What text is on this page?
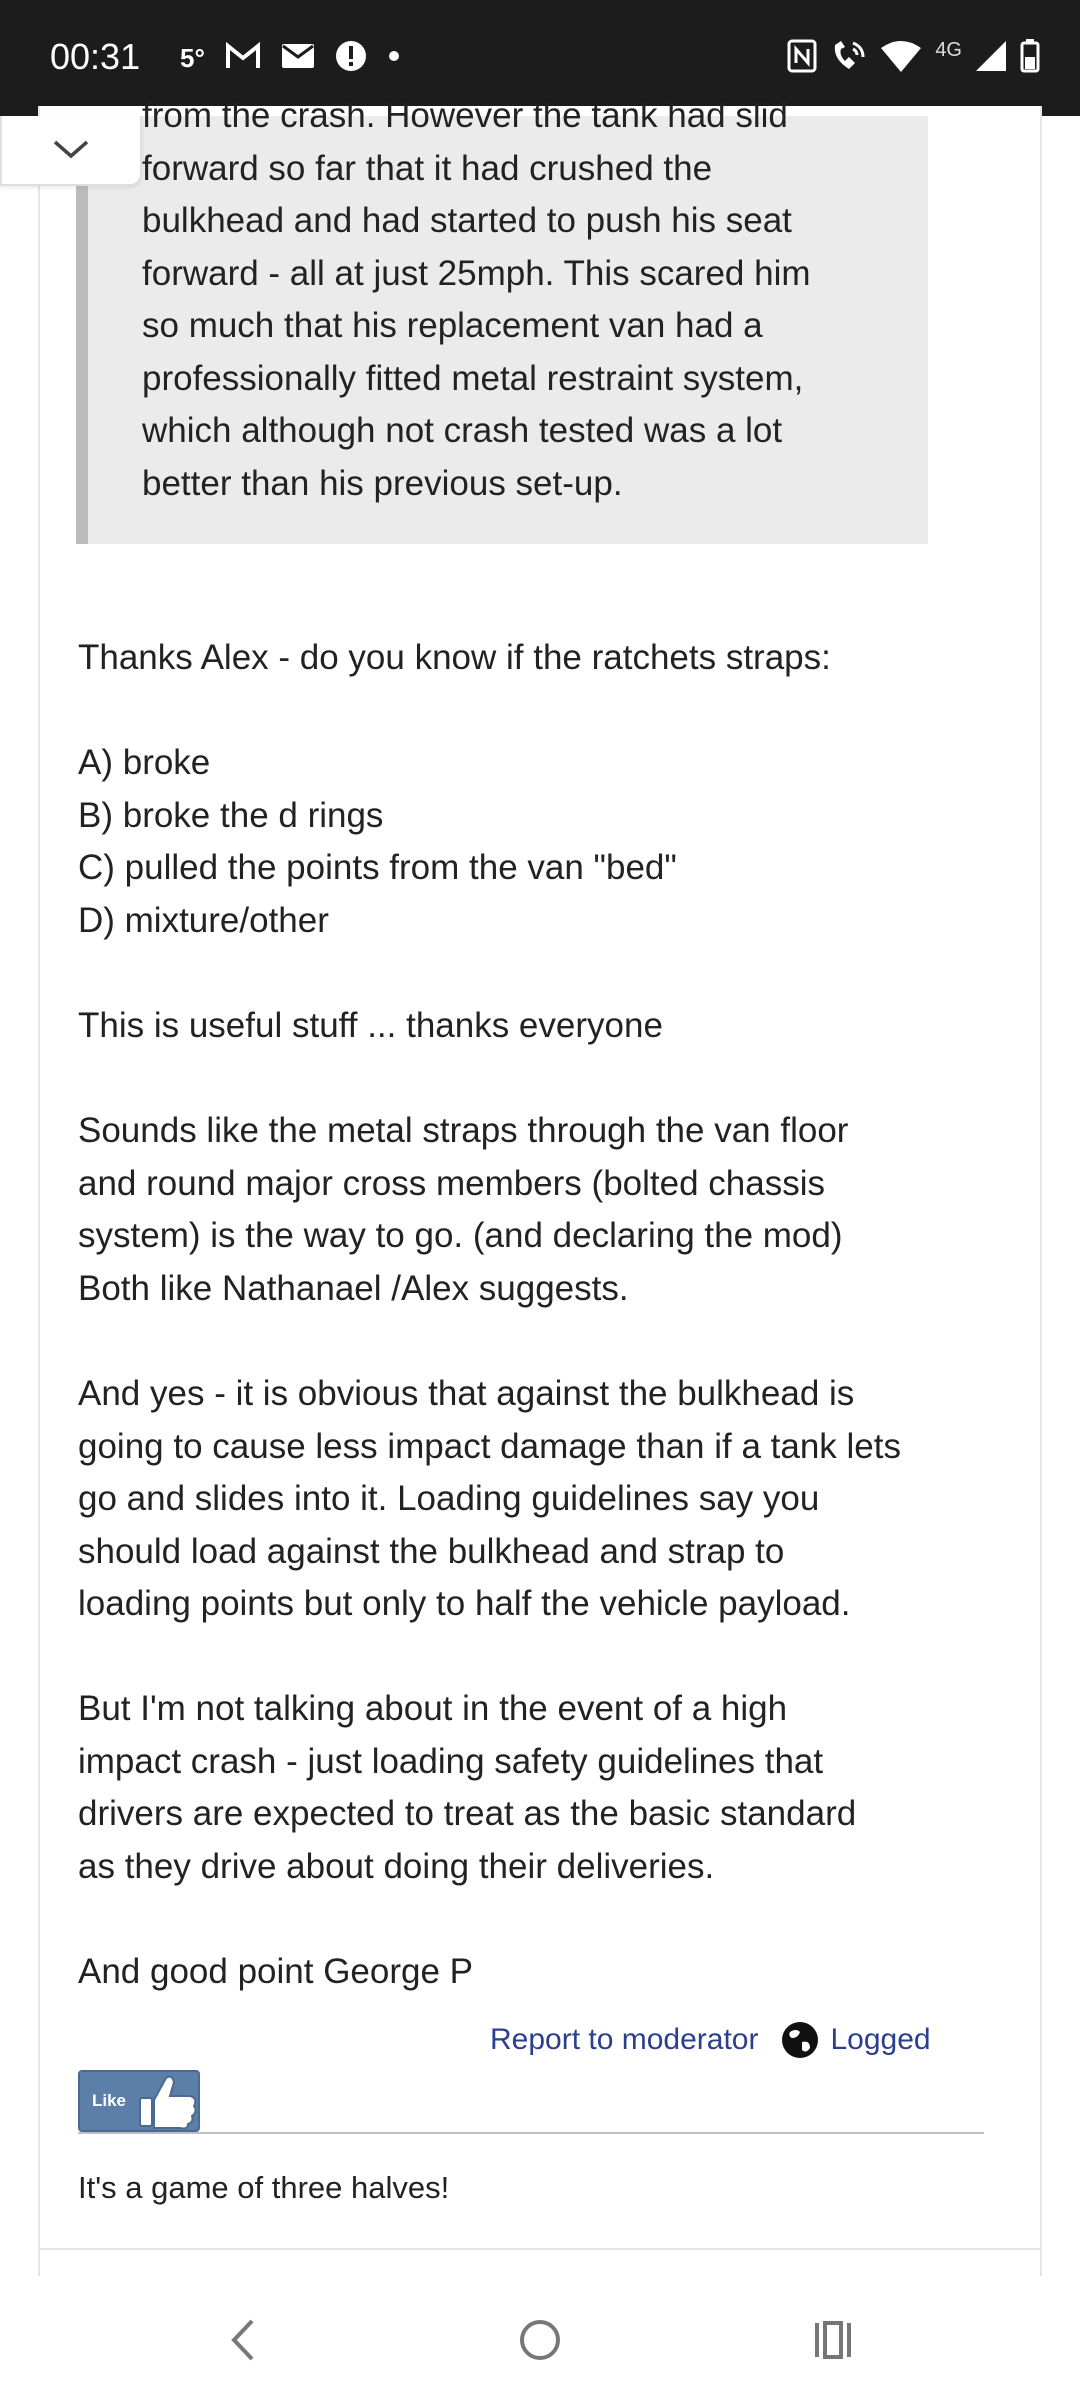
00:31 5°	4G
from the crash. However the tank had slid
forward so far that it had crushed the
bulkhead and had started to push his seat
forward - all at just 25mph. This scared him
so much that his replacement van had a
professionally fitted metal restraint system,
which although not crash tested was a lot
better than his previous set-up.
Thanks Alex - do you know if the ratchets straps:
A) broke
B) broke the d rings
C) pulled the points from the van "bed"
D) mixture/other
This is useful stuff ... thanks everyone
Sounds like the metal straps through the van floor
and round major cross members (bolted chassis
system) is the way to go. (and declaring the mod)
Both like Nathanael /Alex suggests.
And yes - it is obvious that against the bulkhead is
going to cause less impact damage than if a tank lets
go and slides into it. Loading guidelines say you
should load against the bulkhead and strap to
loading points but only to half the vehicle payload.
But I'm not talking about in the event of a high
impact crash - just loading safety guidelines that
drivers are expected to treat as the basic standard
as they drive about doing their deliveries.
And good point George P
Report to moderator Logged
Like
It's a game of three halves!
